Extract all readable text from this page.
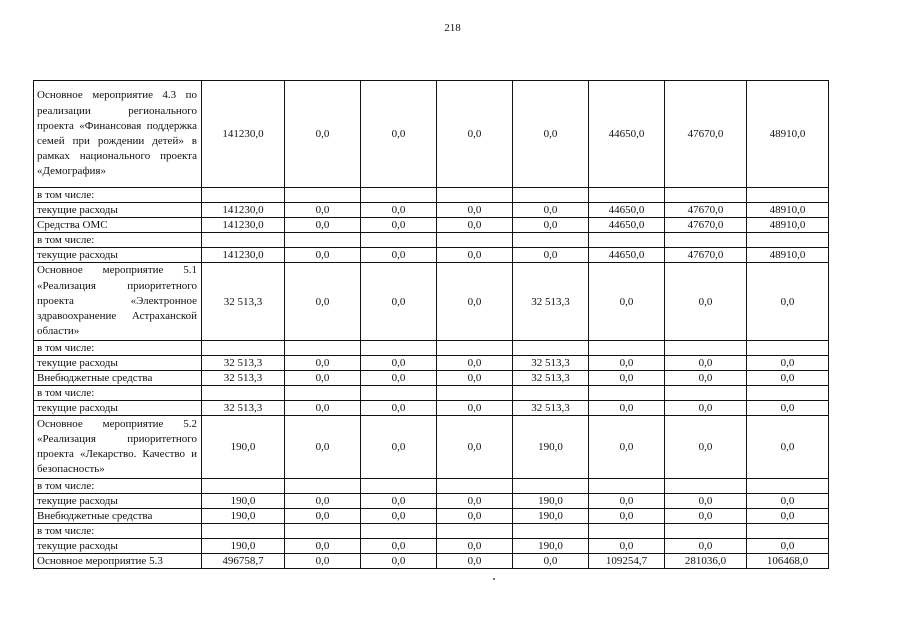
218
Основное мероприятие 4.3 по реализации регионального проекта «Финансовая поддержка семей при рождении детей» в рамках национального проекта «Демография»	141230,0	0,0	0,0	0,0	0,0	44650,0	47670,0	48910,0
в том числе:								
текущие расходы	141230,0	0,0	0,0	0,0	0,0	44650,0	47670,0	48910,0
Средства ОМС	141230,0	0,0	0,0	0,0	0,0	44650,0	47670,0	48910,0
в том числе:								
текущие расходы	141230,0	0,0	0,0	0,0	0,0	44650,0	47670,0	48910,0
Основное мероприятие 5.1 «Реализация приоритетного проекта «Электронное здравоохранение Астраханской области»	32 513,3	0,0	0,0	0,0	32 513,3	0,0	0,0	0,0
в том числе:								
текущие расходы	32 513,3	0,0	0,0	0,0	32 513,3	0,0	0,0	0,0
Внебюджетные средства	32 513,3	0,0	0,0	0,0	32 513,3	0,0	0,0	0,0
в том числе:								
текущие расходы	32 513,3	0,0	0,0	0,0	32 513,3	0,0	0,0	0,0
Основное мероприятие 5.2 «Реализация приоритетного проекта «Лекарство. Качество и безопасность»	190,0	0,0	0,0	0,0	190,0	0,0	0,0	0,0
в том числе:								
текущие расходы	190,0	0,0	0,0	0,0	190,0	0,0	0,0	0,0
Внебюджетные средства	190,0	0,0	0,0	0,0	190,0	0,0	0,0	0,0
в том числе:								
текущие расходы	190,0	0,0	0,0	0,0	190,0	0,0	0,0	0,0
Основное мероприятие 5.3	496758,7	0,0	0,0	0,0	0,0	109254,7	281036,0	106468,0
